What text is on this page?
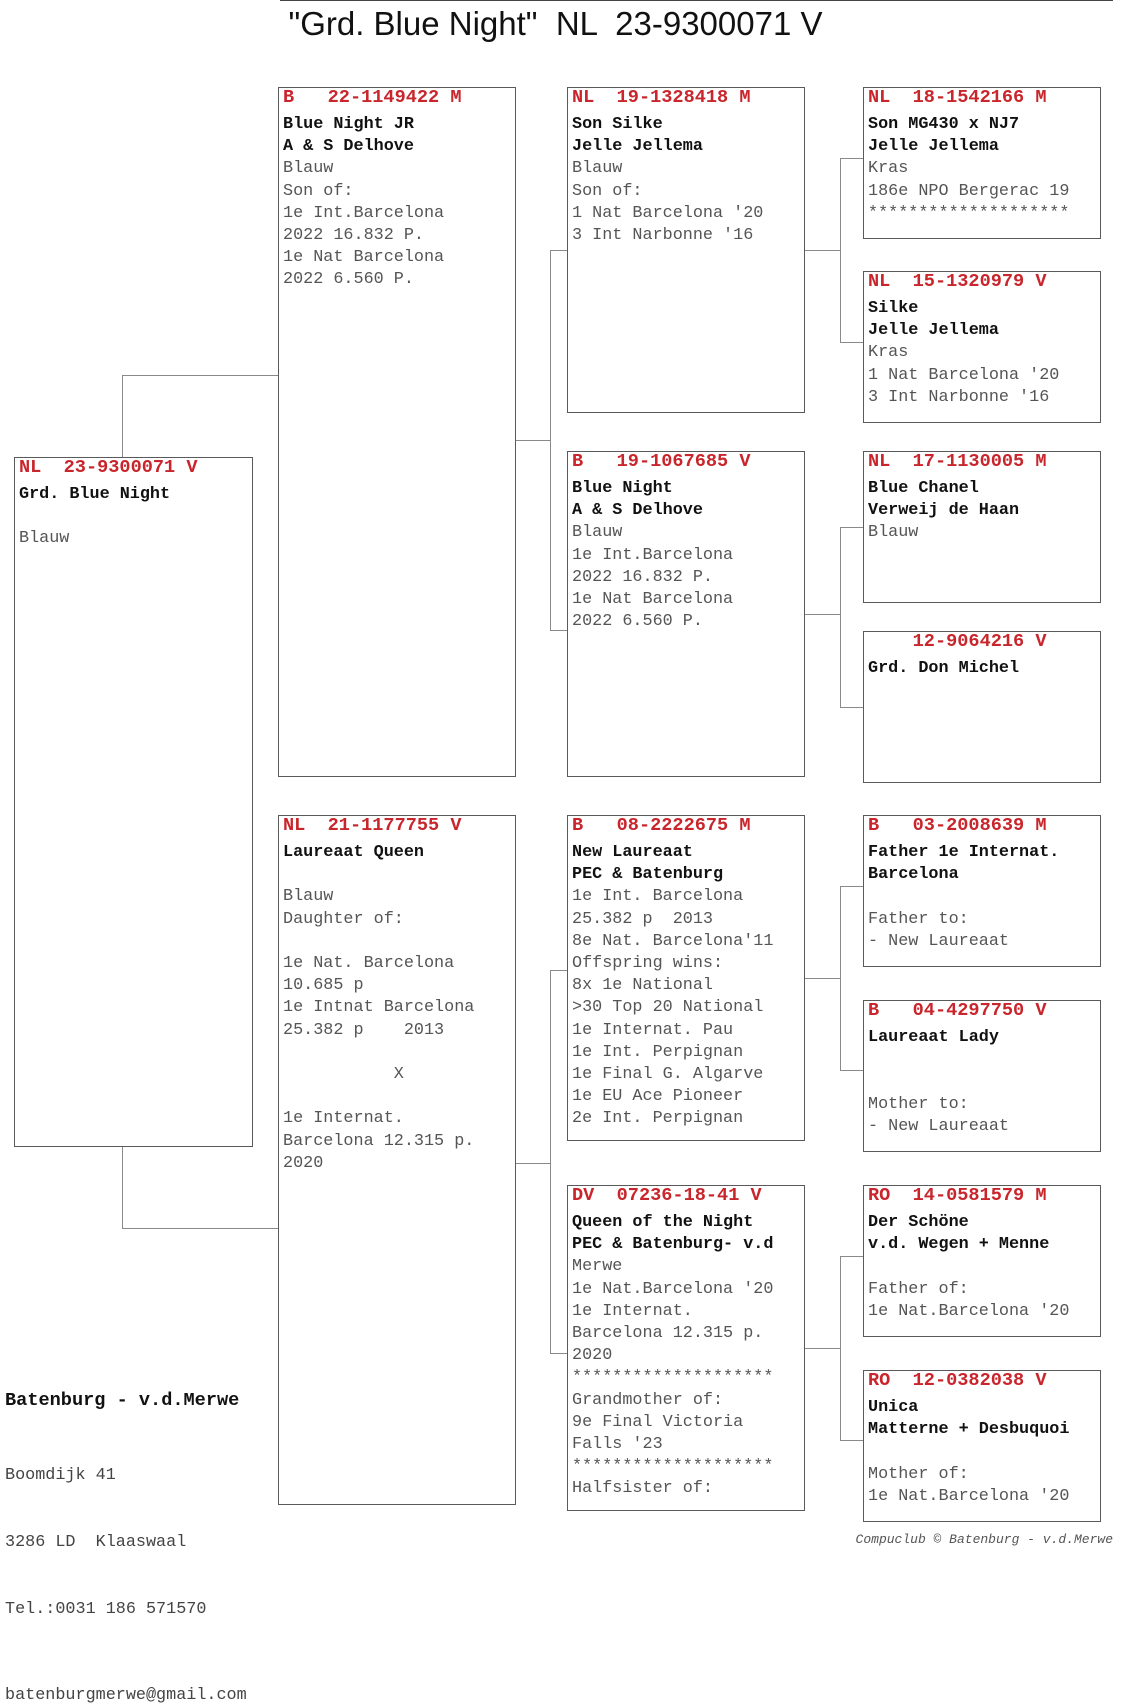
"Grd. Blue Night"  NL  23-9300071 V
NL 23-9300071 V
Grd. Blue Night
Blauw
B 22-1149422 M
Blue Night JR
A & S Delhove
Blauw
Son of:
1e Int.Barcelona
2022 16.832 P.
1e Nat Barcelona
2022 6.560 P.
NL 21-1177755 V
Laureaat Queen
Blauw
Daughter of:
1e Nat. Barcelona
10.685 p
1e Intnat Barcelona
25.382 p    2013
X
1e Internat.
Barcelona 12.315 p.
2020
NL 19-1328418 M
Son Silke
Jelle Jellema
Blauw
Son of:
1 Nat Barcelona '20
3 Int Narbonne '16
B 19-1067685 V
Blue Night
A & S Delhove
Blauw
1e Int.Barcelona
2022 16.832 P.
1e Nat Barcelona
2022 6.560 P.
B 08-2222675 M
New Laureaat
PEC & Batenburg
1e Int. Barcelona
25.382 p  2013
8e Nat. Barcelona'11
Offspring wins:
8x 1e National
>30 Top 20 National
1e Internat. Pau
1e Int. Perpignan
1e Final G. Algarve
1e EU Ace Pioneer
2e Int. Perpignan
DV 07236-18-41 V
Queen of the Night
PEC & Batenburg- v.d
Merwe
1e Nat.Barcelona '20
1e Internat.
Barcelona 12.315 p.
2020
********************
Grandmother of:
9e Final Victoria
Falls '23
********************
Halfsister of:
NL 18-1542166 M
Son MG430 x NJ7
Jelle Jellema
Kras
186e NPO Bergerac 19
********************
NL 15-1320979 V
Silke
Jelle Jellema
Kras
1 Nat Barcelona '20
3 Int Narbonne '16
NL 17-1130005 M
Blue Chanel
Verweij de Haan
Blauw
12-9064216 V
Grd. Don Michel
B 03-2008639 M
Father 1e Internat.
Barcelona
Father to:
- New Laureaat
B 04-4297750 V
Laureaat Lady
Mother to:
- New Laureaat
RO 14-0581579 M
Der Schöne
v.d. Wegen + Menne
Father of:
1e Nat.Barcelona '20
RO 12-0382038 V
Unica
Matterne + Desbuquoi
Mother of:
1e Nat.Barcelona '20
Batenburg - v.d.Merwe

Boomdijk 41

3286 LD  Klaaswaal

Tel.:0031 186 571570

batenburgmerwe@gmail.com
Compuclub © Batenburg - v.d.Merwe
